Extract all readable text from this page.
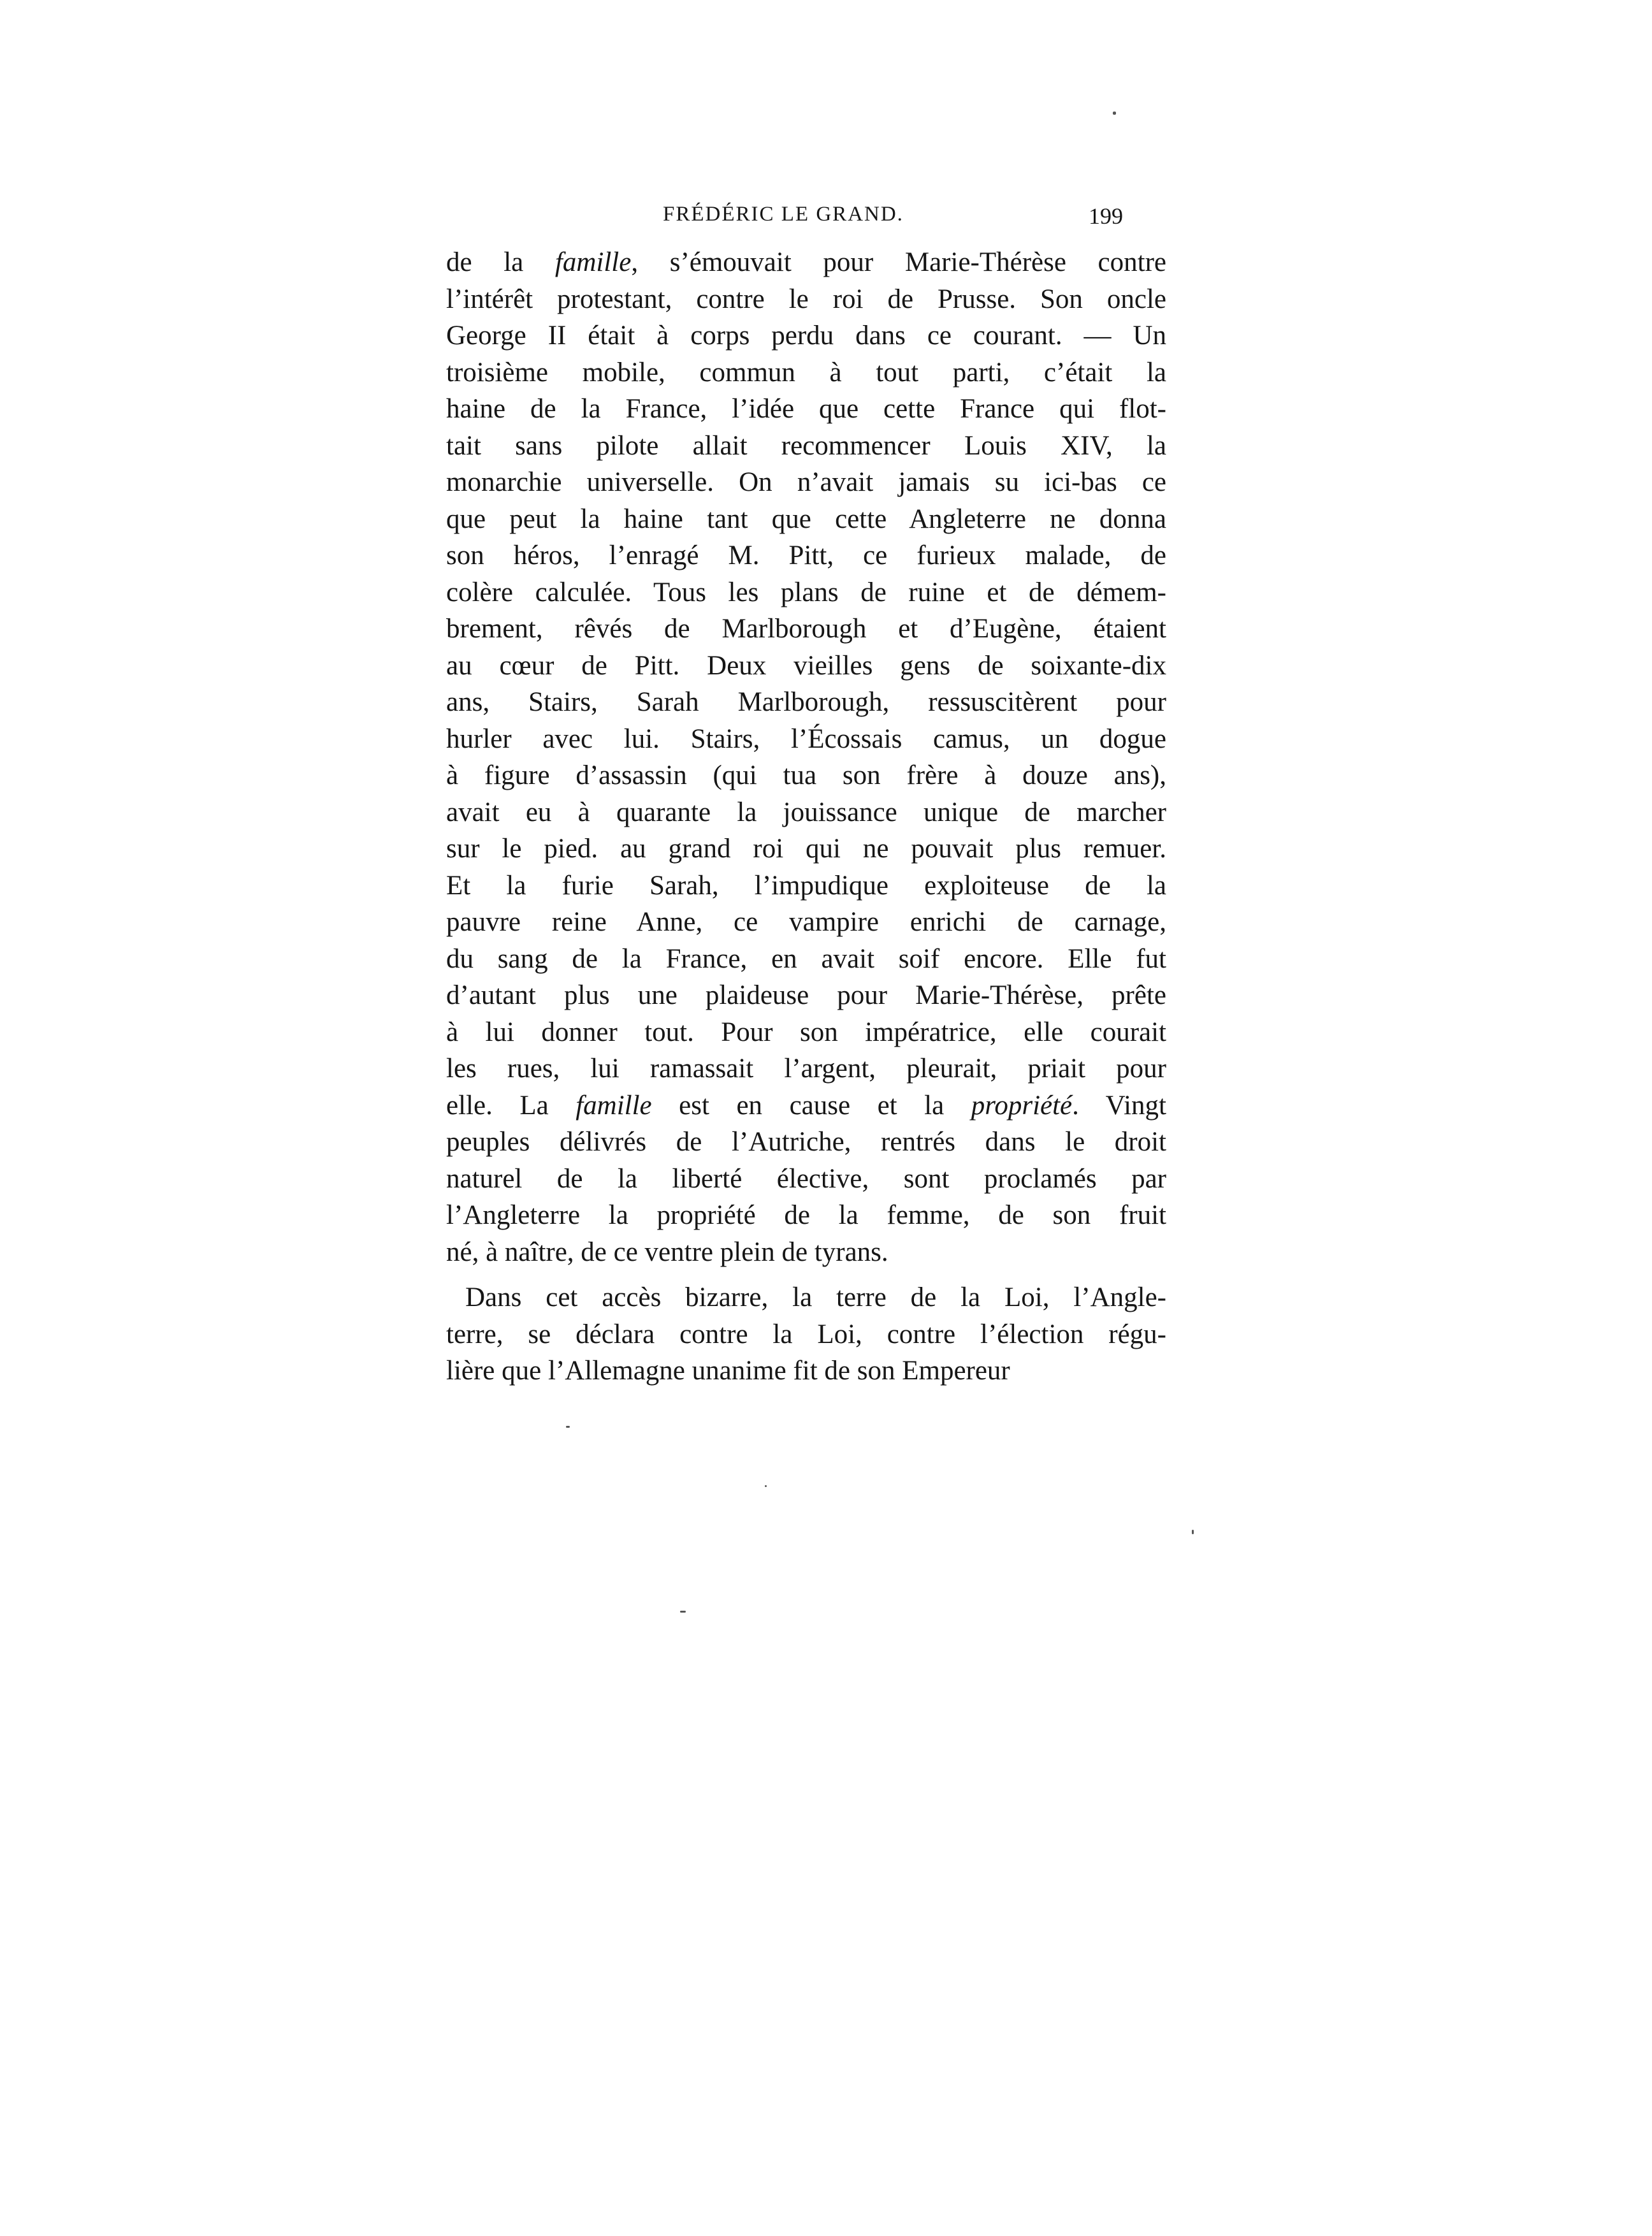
FRÉDÉRIC LE GRAND.	199
de la famille, s’émouvait pour Marie-Thérèse contre
l’intérêt protestant, contre le roi de Prusse. Son oncle
George II était à corps perdu dans ce courant. — Un
troisième mobile, commun à tout parti, c’était la
haine de la France, l’idée que cette France qui flot-
tait sans pilote allait recommencer Louis XIV, la
monarchie universelle. On n’avait jamais su ici-bas ce
que peut la haine tant que cette Angleterre ne donna
son héros, l’enragé M. Pitt, ce furieux malade, de
colère calculée. Tous les plans de ruine et de démem-
brement, rêvés de Marlborough et d’Eugène, étaient
au cœur de Pitt. Deux vieilles gens de soixante-dix
ans, Stairs, Sarah Marlborough, ressuscitèrent pour
hurler avec lui. Stairs, l’Écossais camus, un dogue
à figure d’assassin (qui tua son frère à douze ans),
avait eu à quarante la jouissance unique de marcher
sur le pied. au grand roi qui ne pouvait plus remuer.
Et la furie Sarah, l’impudique exploiteuse de la
pauvre reine Anne, ce vampire enrichi de carnage,
du sang de la France, en avait soif encore. Elle fut
d’autant plus une plaideuse pour Marie-Thérèse, prête
à lui donner tout. Pour son impératrice, elle courait
les rues, lui ramassait l’argent, pleurait, priait pour
elle. La famille est en cause et la propriété. Vingt
peuples délivrés de l’Autriche, rentrés dans le droit
naturel de la liberté élective, sont proclamés par
l’Angleterre la propriété de la femme, de son fruit
né, à naître, de ce ventre plein de tyrans.
Dans cet accès bizarre, la terre de la Loi, l’Angle-
terre, se déclara contre la Loi, contre l’élection régu-
lière que l’Allemagne unanime fit de son Empereur
